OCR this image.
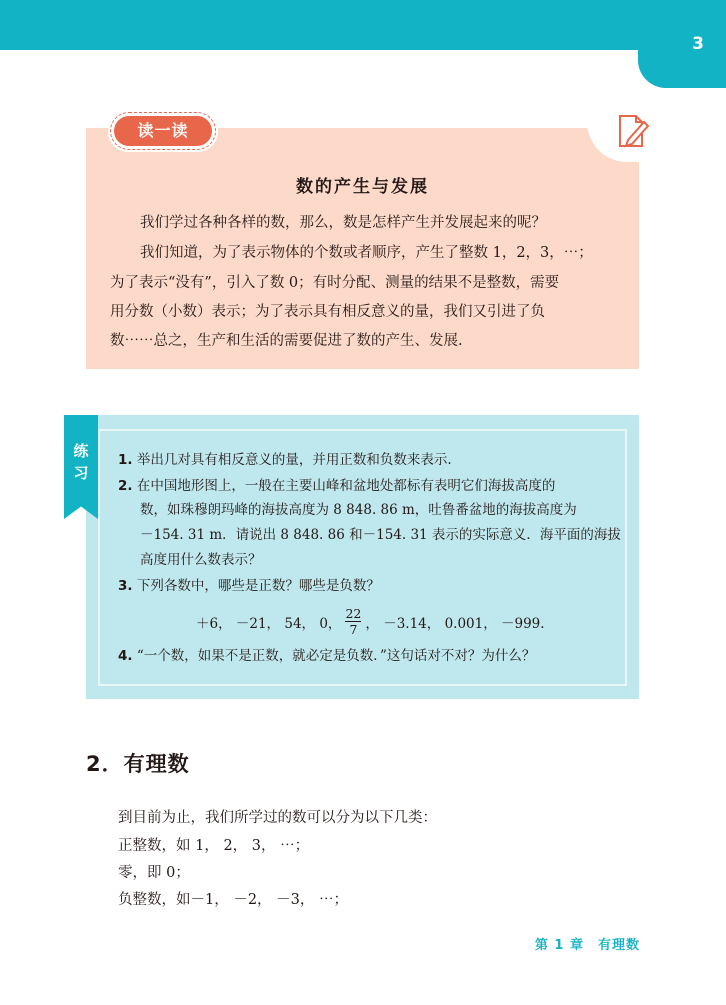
3
读一读
数的产生与发展
我们学过各种各样的数，那么，数是怎样产生并发展起来的呢？
我们知道，为了表示物体的个数或者顺序，产生了整数 1，2，3，⋯；
为了表示“没有”，引入了数 0；有时分配、测量的结果不是整数，需要
用分数（小数）表示；为了表示具有相反意义的量，我们又引进了负
数⋯⋯总之，生产和生活的需要促进了数的产生、发展.
练
习
1. 举出几对具有相反意义的量，并用正数和负数来表示.
2. 在中国地形图上，一般在主要山峰和盆地处都标有表明它们海拔高度的
数，如珠穆朗玛峰的海拔高度为 8 848. 86 m，吐鲁番盆地的海拔高度为
－154. 31 m．请说出 8 848. 86 和－154. 31 表示的实际意义．海平面的海拔
高度用什么数表示？
3. 下列各数中，哪些是正数？哪些是负数？
＋6， －21， 54， 0， $\frac{22}{7}$ ， －3.14， 0.001， －999.
4. “一个数，如果不是正数，就必定是负数．”这句话对不对？为什么？
2．有理数
到目前为止，我们所学过的数可以分为以下几类：
正整数，如 1， 2， 3， ⋯；
零，即 0；
负整数，如－1， －2， －3， ⋯；
第 1 章　有理数
